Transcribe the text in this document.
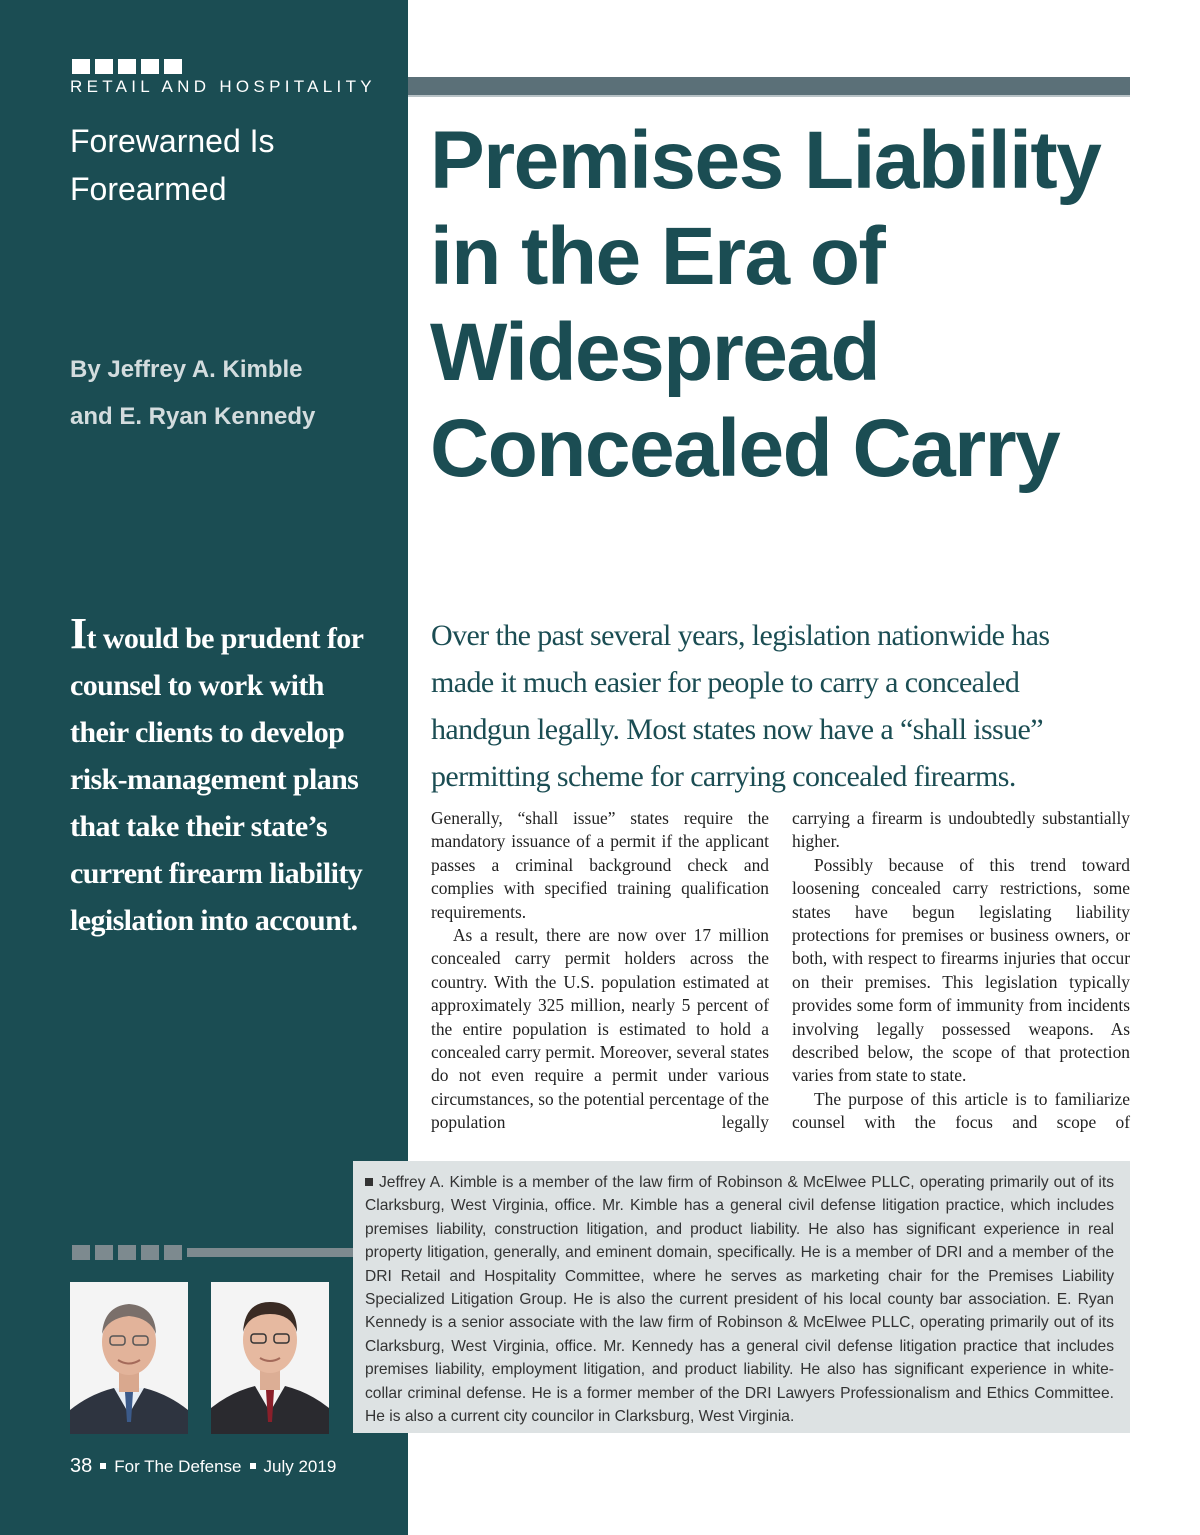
RETAIL AND HOSPITALITY
Forewarned Is
Forearmed
By Jeffrey A. Kimble
and E. Ryan Kennedy
Premises Liability
in the Era of
Widespread
Concealed Carry
It would be prudent for
counsel to work with
their clients to develop
risk-management plans
that take their state’s
current firearm liability
legislation into account.
Over the past several years, legislation nationwide has
made it much easier for people to carry a concealed
handgun legally. Most states now have a “shall issue”
permitting scheme for carrying concealed firearms.

Generally, “shall issue” states require the mandatory issuance of a permit if the applicant passes a criminal background check and complies with specified training qualification requirements.

As a result, there are now over 17 million concealed carry permit holders across the country. With the U.S. population estimated at approximately 325 million, nearly 5 percent of the entire population is estimated to hold a concealed carry permit. Moreover, several states do not even require a permit under various circumstances, so the potential percentage of the population legally

carrying a firearm is undoubtedly substantially higher.

Possibly because of this trend toward loosening concealed carry restrictions, some states have begun legislating liability protections for premises or business owners, or both, with respect to firearms injuries that occur on their premises. This legislation typically provides some form of immunity from incidents involving legally possessed weapons. As described below, the scope of that protection varies from state to state.

The purpose of this article is to familiarize counsel with the focus and scope of

Jeffrey A. Kimble is a member of the law firm of Robinson & McElwee PLLC, operating primarily out of its Clarksburg, West Virginia, office. Mr. Kimble has a general civil defense litigation practice, which includes premises liability, construction litigation, and product liability. He also has significant experience in real property litigation, generally, and eminent domain, specifically. He is a member of DRI and a member of the DRI Retail and Hospitality Committee, where he serves as marketing chair for the Premises Liability Specialized Litigation Group. He is also the current president of his local county bar association. E. Ryan Kennedy is a senior associate with the law firm of Robinson & McElwee PLLC, operating primarily out of its Clarksburg, West Virginia, office. Mr. Kennedy has a general civil defense litigation practice that includes premises liability, employment litigation, and product liability. He also has significant experience in white-collar criminal defense. He is a former member of the DRI Lawyers Professionalism and Ethics Committee. He is also a current city councilor in Clarksburg, West Virginia.
38 For The Defense July 2019
